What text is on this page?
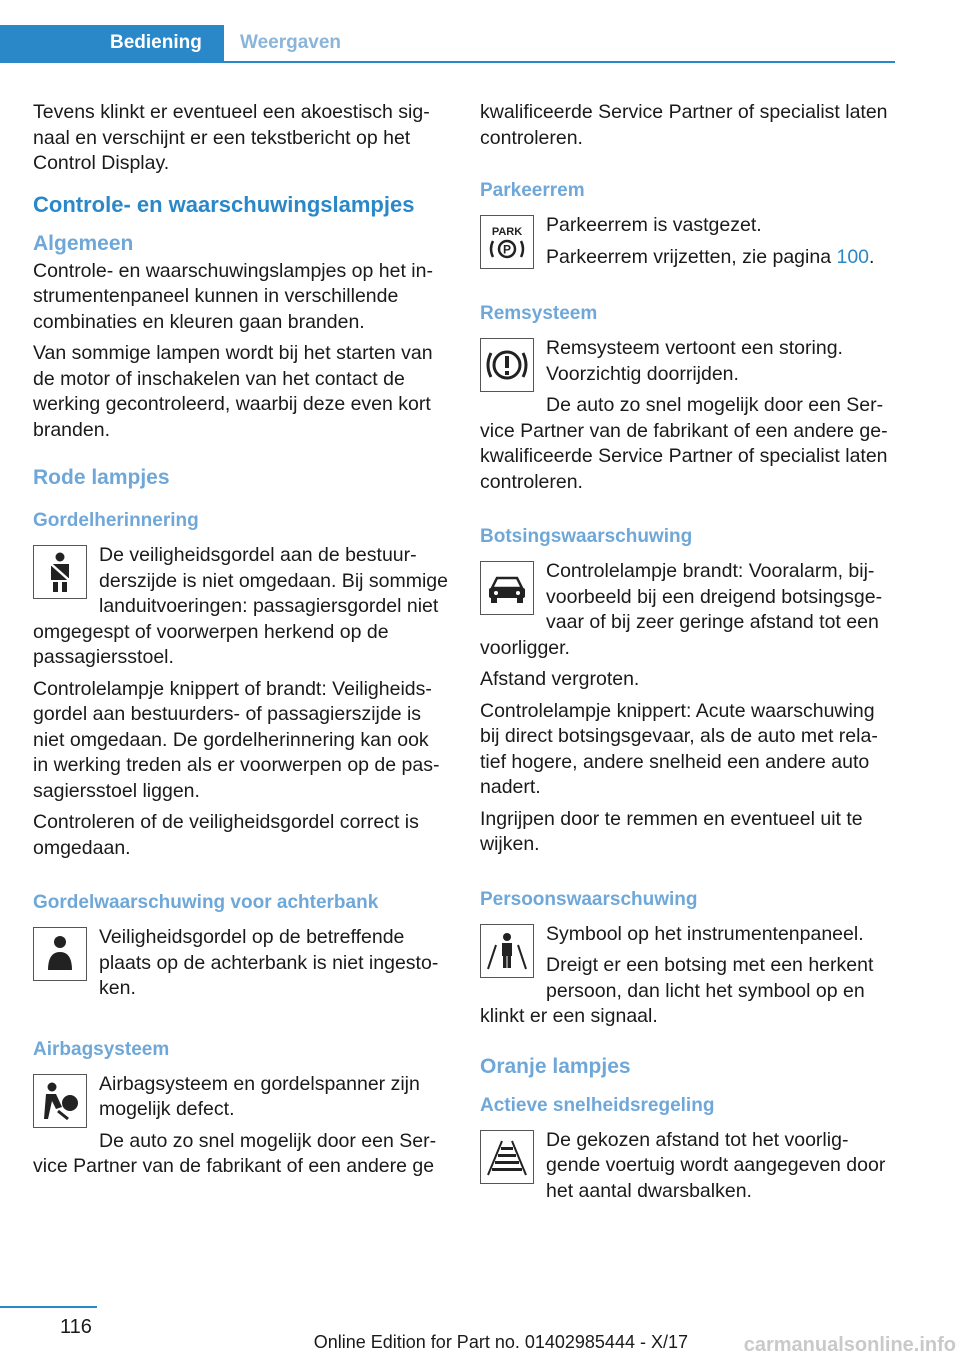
Bediening	Weergaven

Tevens klinkt er eventueel een akoestisch signaal en verschijnt er een tekstbericht op het Control Display.

Controle- en waarschuwingslampjes
Algemeen

Controle- en waarschuwingslampjes op het instrumentenpaneel kunnen in verschillende combinaties en kleuren gaan branden.

Van sommige lampen wordt bij het starten van de motor of inschakelen van het contact de werking gecontroleerd, waarbij deze even kort branden.

Rode lampjes
Gordelherinnering

De veiligheidsgordel aan de bestuurderszijde is niet omgedaan. Bij sommige landuitvoeringen: passagiersgordel niet omgegespt of voorwerpen herkend op de passagiersstoel.

Controlelampje knippert of brandt: Veiligheidsgordel aan bestuurders- of passagierszijde is niet omgedaan. De gordelherinnering kan ook in werking treden als er voorwerpen op de passagiersstoel liggen.

Controleren of de veiligheidsgordel correct is omgedaan.

Gordelwaarschuwing voor achterbank

Veiligheidsgordel op de betreffende plaats op de achterbank is niet ingestoken.

Airbagsysteem

Airbagsysteem en gordelspanner zijn mogelijk defect.

De auto zo snel mogelijk door een Service Partner van de fabrikant of een andere ge

kwalificeerde Service Partner of specialist laten controleren.

Parkeerrem
PARK
P

Parkeerrem is vastgezet.

Parkeerrem vrijzetten, zie pagina 100.

Remsysteem

Remsysteem vertoont een storing. Voorzichtig doorrijden.

De auto zo snel mogelijk door een Service Partner van de fabrikant of een andere gekwalificeerde Service Partner of specialist laten controleren.

Botsingswaarschuwing

Controlelampje brandt: Vooralarm, bijvoorbeeld bij een dreigend botsingsgevaar of bij zeer geringe afstand tot een voorligger.

Afstand vergroten.

Controlelampje knippert: Acute waarschuwing bij direct botsingsgevaar, als de auto met relatief hogere, andere snelheid een andere auto nadert.

Ingrijpen door te remmen en eventueel uit te wijken.

Persoonswaarschuwing

Symbool op het instrumentenpaneel.

Dreigt er een botsing met een herkent persoon, dan licht het symbool op en klinkt er een signaal.

Oranje lampjes
Actieve snelheidsregeling

De gekozen afstand tot het voorliggende voertuig wordt aangegeven door het aantal dwarsbalken.

116
Online Edition for Part no. 01402985444 - X/17	carmanualsonline.info
